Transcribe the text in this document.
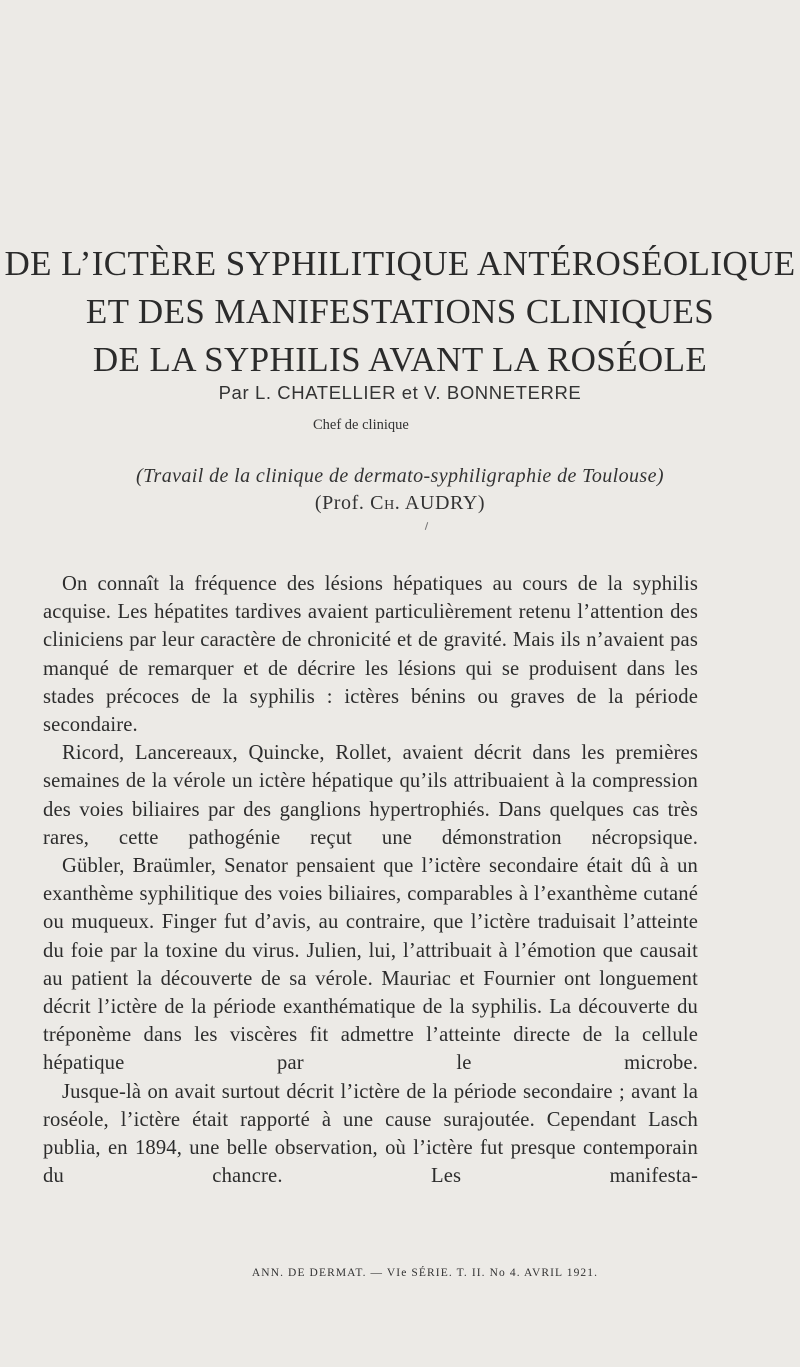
DE L’ICTÈRE SYPHILITIQUE ANTÉROSÉOLIQUE
ET DES MANIFESTATIONS CLINIQUES
DE LA SYPHILIS AVANT LA ROSÉOLE
Par L. CHATELLIER et V. BONNETERRE
Chef de clinique
(Travail de la clinique de dermato-syphiligraphie de Toulouse)
(Prof. Ch. AUDRY)

On connaît la fréquence des lésions hépatiques au cours de la syphilis acquise. Les hépatites tardives avaient particulièrement retenu l’attention des cliniciens par leur caractère de chronicité et de gravité. Mais ils n’avaient pas manqué de remarquer et de décrire les lésions qui se produisent dans les stades précoces de la syphilis : ictères bénins ou graves de la période secondaire.

Ricord, Lancereaux, Quincke, Rollet, avaient décrit dans les premières semaines de la vérole un ictère hépatique qu’ils attribuaient à la compression des voies biliaires par des ganglions hypertrophiés. Dans quelques cas très rares, cette pathogénie reçut une démonstration nécropsique.

Gübler, Braümler, Senator pensaient que l’ictère secondaire était dû à un exanthème syphilitique des voies biliaires, comparables à l’exanthème cutané ou muqueux. Finger fut d’avis, au contraire, que l’ictère traduisait l’atteinte du foie par la toxine du virus. Julien, lui, l’attribuait à l’émotion que causait au patient la découverte de sa vérole. Mauriac et Fournier ont longuement décrit l’ictère de la période exanthématique de la syphilis. La découverte du tréponème dans les viscères fit admettre l’atteinte directe de la cellule hépatique par le microbe.

Jusque-là on avait surtout décrit l’ictère de la période secondaire ; avant la roséole, l’ictère était rapporté à une cause surajoutée. Cependant Lasch publia, en 1894, une belle observation, où l’ictère fut presque contemporain du chancre. Les manifesta-

ANN. DE DERMAT. — VIe SÉRIE. T. II. No 4. AVRIL 1921.
